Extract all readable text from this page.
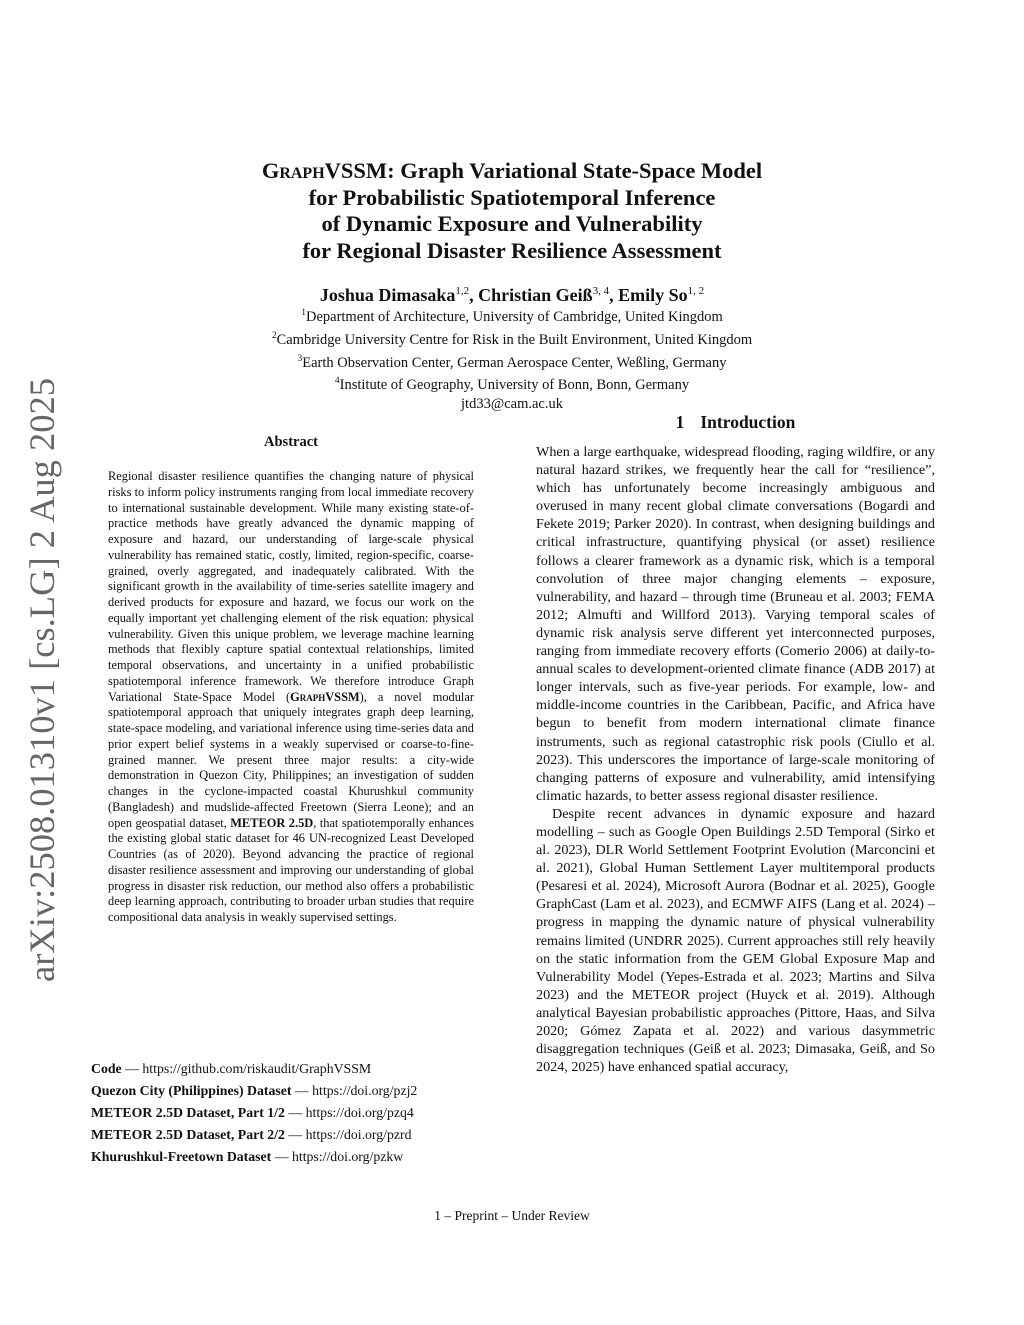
arXiv:2508.01310v1 [cs.LG] 2 Aug 2025
GraphVSSM: Graph Variational State-Space Model
for Probabilistic Spatiotemporal Inference
of Dynamic Exposure and Vulnerability
for Regional Disaster Resilience Assessment
Joshua Dimasaka$^{1,2}$, Christian Geiß$^{3, 4}$, Emily So$^{1, 2}$
$^1$Department of Architecture, University of Cambridge, United Kingdom
$^2$Cambridge University Centre for Risk in the Built Environment, United Kingdom
$^3$Earth Observation Center, German Aerospace Center, Weßling, Germany
$^4$Institute of Geography, University of Bonn, Bonn, Germany
jtd33@cam.ac.uk
Abstract
Regional disaster resilience quantifies the changing nature of physical risks to inform policy instruments ranging from local immediate recovery to international sustainable development. While many existing state-of-practice methods have greatly advanced the dynamic mapping of exposure and hazard, our understanding of large-scale physical vulnerability has remained static, costly, limited, region-specific, coarse-grained, overly aggregated, and inadequately calibrated. With the significant growth in the availability of time-series satellite imagery and derived products for exposure and hazard, we focus our work on the equally important yet challenging element of the risk equation: physical vulnerability. Given this unique problem, we leverage machine learning methods that flexibly capture spatial contextual relationships, limited temporal observations, and uncertainty in a unified probabilistic spatiotemporal inference framework. We therefore introduce Graph Variational State-Space Model (GraphVSSM), a novel modular spatiotemporal approach that uniquely integrates graph deep learning, state-space modeling, and variational inference using time-series data and prior expert belief systems in a weakly supervised or coarse-to-fine-grained manner. We present three major results: a city-wide demonstration in Quezon City, Philippines; an investigation of sudden changes in the cyclone-impacted coastal Khurushkul community (Bangladesh) and mudslide-affected Freetown (Sierra Leone); and an open geospatial dataset, METEOR 2.5D, that spatiotemporally enhances the existing global static dataset for 46 UN-recognized Least Developed Countries (as of 2020). Beyond advancing the practice of regional disaster resilience assessment and improving our understanding of global progress in disaster risk reduction, our method also offers a probabilistic deep learning approach, contributing to broader urban studies that require compositional data analysis in weakly supervised settings.
Code — https://github.com/riskaudit/GraphVSSM
Quezon City (Philippines) Dataset — https://doi.org/pzj2
METEOR 2.5D Dataset, Part 1/2 — https://doi.org/pzq4
METEOR 2.5D Dataset, Part 2/2 — https://doi.org/pzrd
Khurushkul-Freetown Dataset — https://doi.org/pzkw
1 Introduction

When a large earthquake, widespread flooding, raging wildfire, or any natural hazard strikes, we frequently hear the call for “resilience”, which has unfortunately become increasingly ambiguous and overused in many recent global climate conversations (Bogardi and Fekete 2019; Parker 2020). In contrast, when designing buildings and critical infrastructure, quantifying physical (or asset) resilience follows a clearer framework as a dynamic risk, which is a temporal convolution of three major changing elements – exposure, vulnerability, and hazard – through time (Bruneau et al. 2003; FEMA 2012; Almufti and Willford 2013). Varying temporal scales of dynamic risk analysis serve different yet interconnected purposes, ranging from immediate recovery efforts (Comerio 2006) at daily-to-annual scales to development-oriented climate finance (ADB 2017) at longer intervals, such as five-year periods. For example, low- and middle-income countries in the Caribbean, Pacific, and Africa have begun to benefit from modern international climate finance instruments, such as regional catastrophic risk pools (Ciullo et al. 2023). This underscores the importance of large-scale monitoring of changing patterns of exposure and vulnerability, amid intensifying climatic hazards, to better assess regional disaster resilience.

Despite recent advances in dynamic exposure and hazard modelling – such as Google Open Buildings 2.5D Temporal (Sirko et al. 2023), DLR World Settlement Footprint Evolution (Marconcini et al. 2021), Global Human Settlement Layer multitemporal products (Pesaresi et al. 2024), Microsoft Aurora (Bodnar et al. 2025), Google GraphCast (Lam et al. 2023), and ECMWF AIFS (Lang et al. 2024) – progress in mapping the dynamic nature of physical vulnerability remains limited (UNDRR 2025). Current approaches still rely heavily on the static information from the GEM Global Exposure Map and Vulnerability Model (Yepes-Estrada et al. 2023; Martins and Silva 2023) and the METEOR project (Huyck et al. 2019). Although analytical Bayesian probabilistic approaches (Pittore, Haas, and Silva 2020; Gómez Zapata et al. 2022) and various dasymmetric disaggregation techniques (Geiß et al. 2023; Dimasaka, Geiß, and So 2024, 2025) have enhanced spatial accuracy,

1 – Preprint – Under Review
